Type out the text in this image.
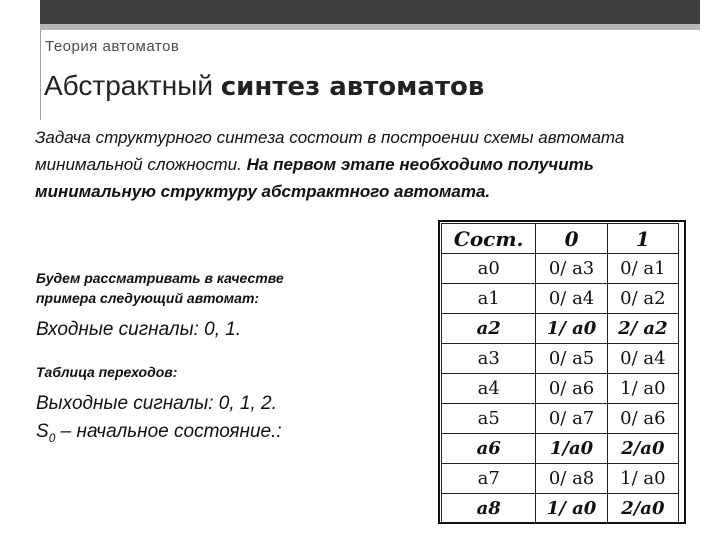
Теория автоматов
Абстрактный синтез автоматов
Задача структурного синтеза состоит в построении схемы автомата минимальной сложности. На первом этапе необходимо получить минимальную структуру абстрактного автомата.
Будем рассматривать в качестве примера следующий автомат:
Входные сигналы: 0, 1.
Таблица переходов:
Выходные сигналы: 0, 1, 2.
$S_0$ – начальное состояние.:
Сост.	0	1
a0	0/ a3	0/ a1
a1	0/ a4	0/ a2
a2	1/ a0	2/ a2
a3	0/ a5	0/ a4
a4	0/ a6	1/ a0
a5	0/ a7	0/ a6
a6	1/a0	2/a0
a7	0/ a8	1/ a0
a8	1/ a0	2/a0
